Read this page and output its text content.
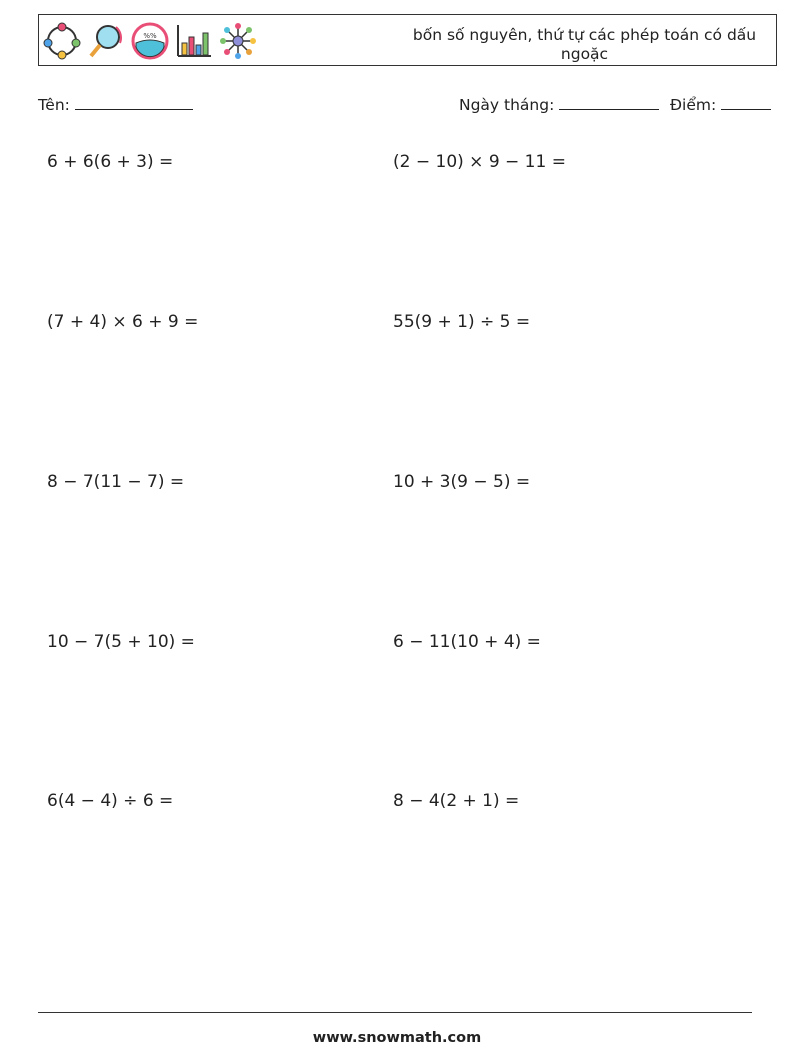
%%	bốn số nguyên, thứ tự các phép toán có dấu ngoặc
Tên:	Ngày tháng:	Điểm:
6 + 6(6 + 3) =	(2 − 10) × 9 − 11 =
(7 + 4) × 6 + 9 =	55(9 + 1) ÷ 5 =
8 − 7(11 − 7) =	10 + 3(9 − 5) =
10 − 7(5 + 10) =	6 − 11(10 + 4) =
6(4 − 4) ÷ 6 =	8 − 4(2 + 1) =
www.snowmath.com
